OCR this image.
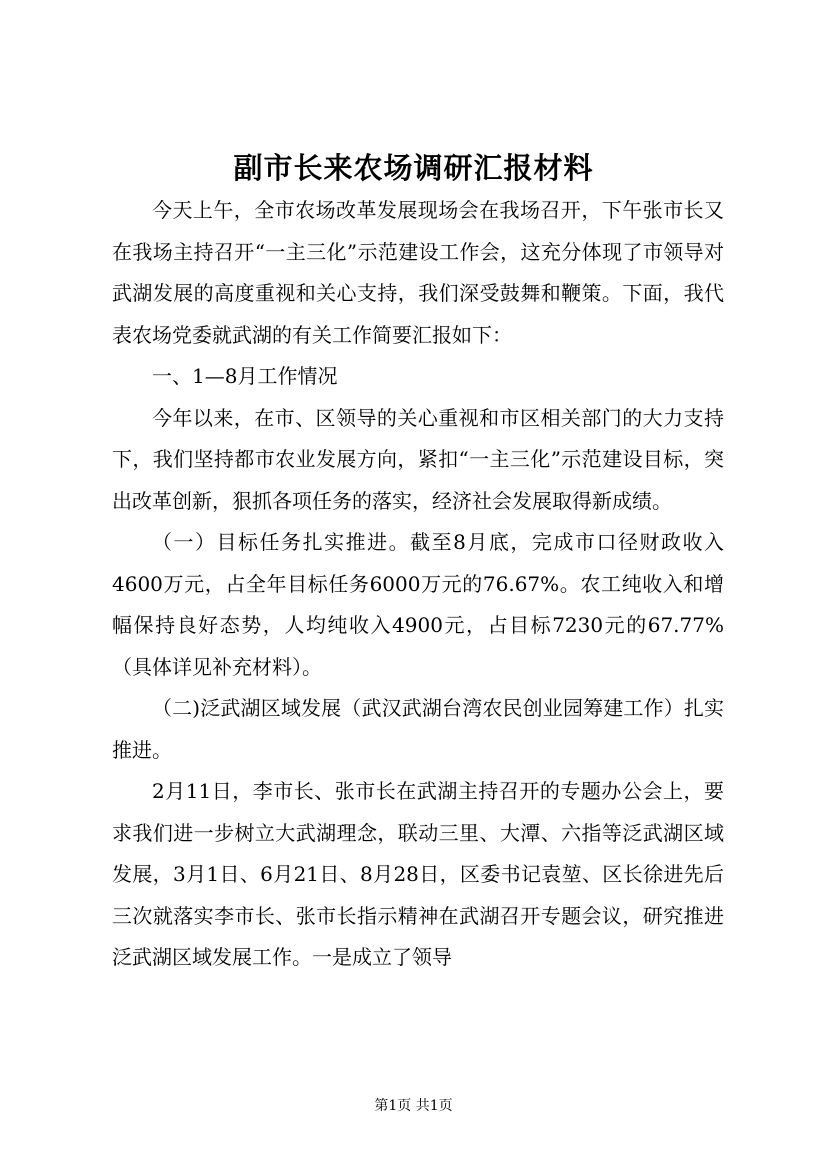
副市长来农场调研汇报材料

今天上午，全市农场改革发展现场会在我场召开，下午张市长又在我场主持召开“一主三化”示范建设工作会，这充分体现了市领导对武湖发展的高度重视和关心支持，我们深受鼓舞和鞭策。下面，我代表农场党委就武湖的有关工作简要汇报如下：

一、1—8月工作情况

今年以来，在市、区领导的关心重视和市区相关部门的大力支持下，我们坚持都市农业发展方向，紧扣“一主三化”示范建设目标，突出改革创新，狠抓各项任务的落实，经济社会发展取得新成绩。

（一）目标任务扎实推进。截至8月底，完成市口径财政收入4600万元，占全年目标任务6000万元的76.67%。农工纯收入和增幅保持良好态势，人均纯收入4900元，占目标7230元的67.77%（具体详见补充材料）。

（二)泛武湖区域发展（武汉武湖台湾农民创业园筹建工作）扎实推进。

2月11日，李市长、张市长在武湖主持召开的专题办公会上，要求我们进一步树立大武湖理念，联动三里、大潭、六指等泛武湖区域发展，3月1日、6月21日、8月28日，区委书记袁堃、区长徐进先后三次就落实李市长、张市长指示精神在武湖召开专题会议，研究推进泛武湖区域发展工作。一是成立了领导

第1页 共1页
